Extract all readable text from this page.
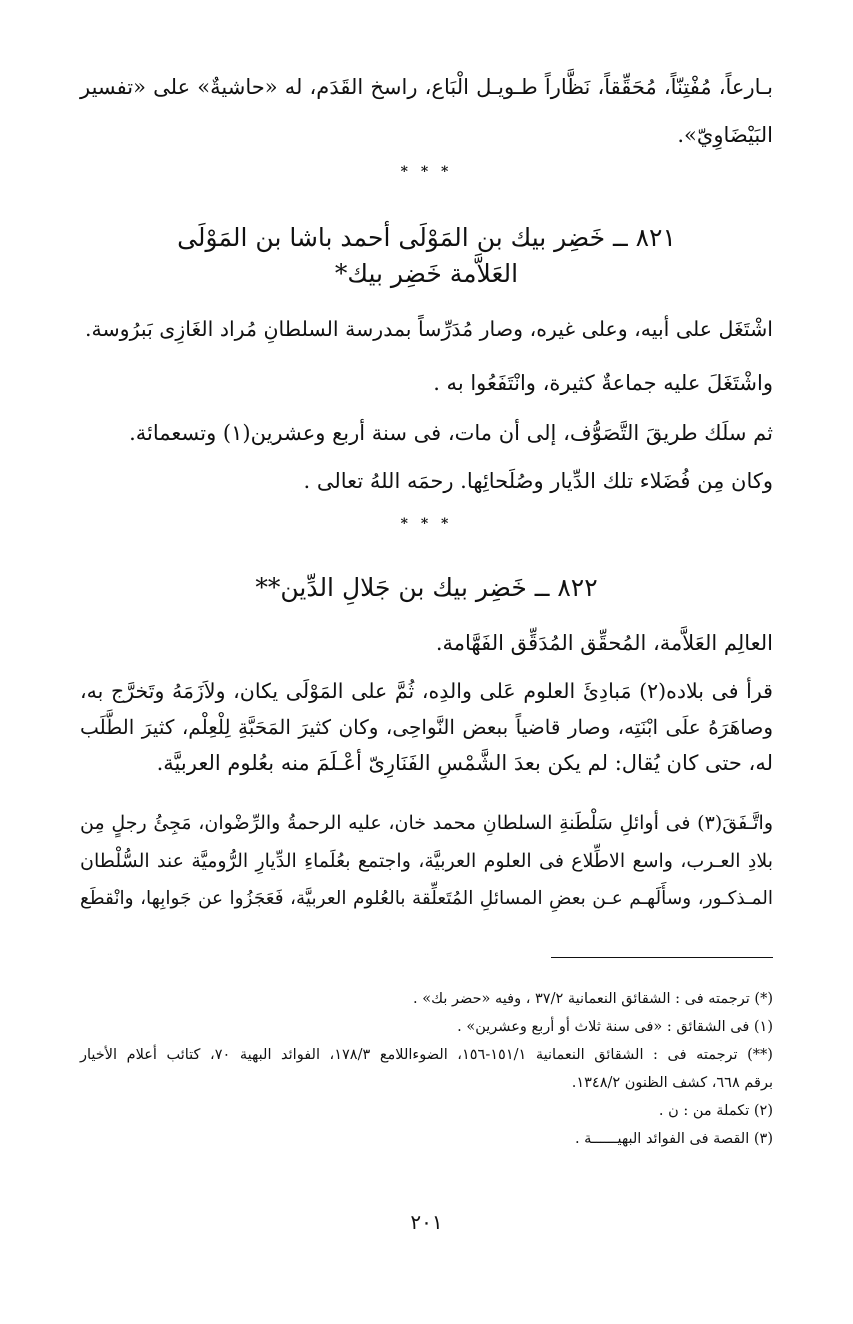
بـارعاً، مُفْتِنّاً، مُحَقِّقاً، نَظَّاراً طـويـل الْبَاع، راسخ القَدَم، له «حاشيةٌ» على «تفسير
البَيْضَاوِيّ».
* * *
٨٢١ ــ خَضِر بيك بن المَوْلَى أحمد باشا بن المَوْلَى
العَلاَّمة خَضِر بيك*
اشْتَغَل على أبيه، وعلى غيره، وصار مُدَرِّساً بمدرسة السلطانِ مُراد الغَازِى بَبرُوسة.
واشْتَغَلَ عليه جماعةٌ كثيرة، وانْتَفَعُوا به .
ثم سلَك طريقَ التَّصَوُّف، إلى أن مات، فى سنة أربع وعشرين(١) وتسعمائة.
وكان مِن فُضَلاء تلك الدِّيار وصُلَحائِها. رحمَه اللهُ تعالى .
* * *
٨٢٢ ــ خَضِر بيك بن جَلالِ الدِّين**
العالِم العَلاَّمة، المُحقِّق المُدَقِّق الفَهَّامة.
قرأ فى بلاده(٢) مَبادِئَ العلوم عَلى والدِه، ثُمَّ على المَوْلَى يكان، ولاَزَمَهُ وتَخرَّج به،
وصاهَرَهُ علَى ابْنَتِه، وصار قاضياً ببعض النَّواحِى، وكان كثيرَ المَحَبَّةِ لِلْعِلْم، كثيرَ الطَّلَب
له، حتى كان يُقال: لم يكن بعدَ الشَّمْسِ الفَنَارِىّ أعْـلَمَ منه بعُلوم العربيَّة.
واتَّـفَقَ(٣) فى أوائلِ سَلْطَنةِ السلطانِ محمد خان، عليه الرحمةُ والرِّضْوان، مَجِئُ رجلٍ مِن
بلادِ العـرب، واسع الاطِّلاع فى العلوم العربيَّة، واجتمع بعُلَماءِ الدِّيارِ الرُّوميَّة عند السُّلْطان
المـذكـور، وسأَلَهـم عـن بعضِ المسائلِ المُتَعلِّقة بالعُلوم العربيَّة، فَعَجَزُوا عن جَوابِها، وانْقطَع
(*) ترجمته فى : الشقائق النعمانية ٣٧/٢ ، وفيه «حضر بك» .
(١) فى الشقائق : «فى سنة ثلاث أو أربع وعشرين» .
(**) ترجمته فى : الشقائق النعمانية ١٥١/١-١٥٦، الضوءاللامع ١٧٨/٣، الفوائد البهية ٧٠، كتائب أعلام الأخيار
برقم ٦٦٨، كشف الظنون ١٣٤٨/٢.
(٢) تكملة من : ن .
(٣) القصة فى الفوائد البهيــــــة .
٢٠١
